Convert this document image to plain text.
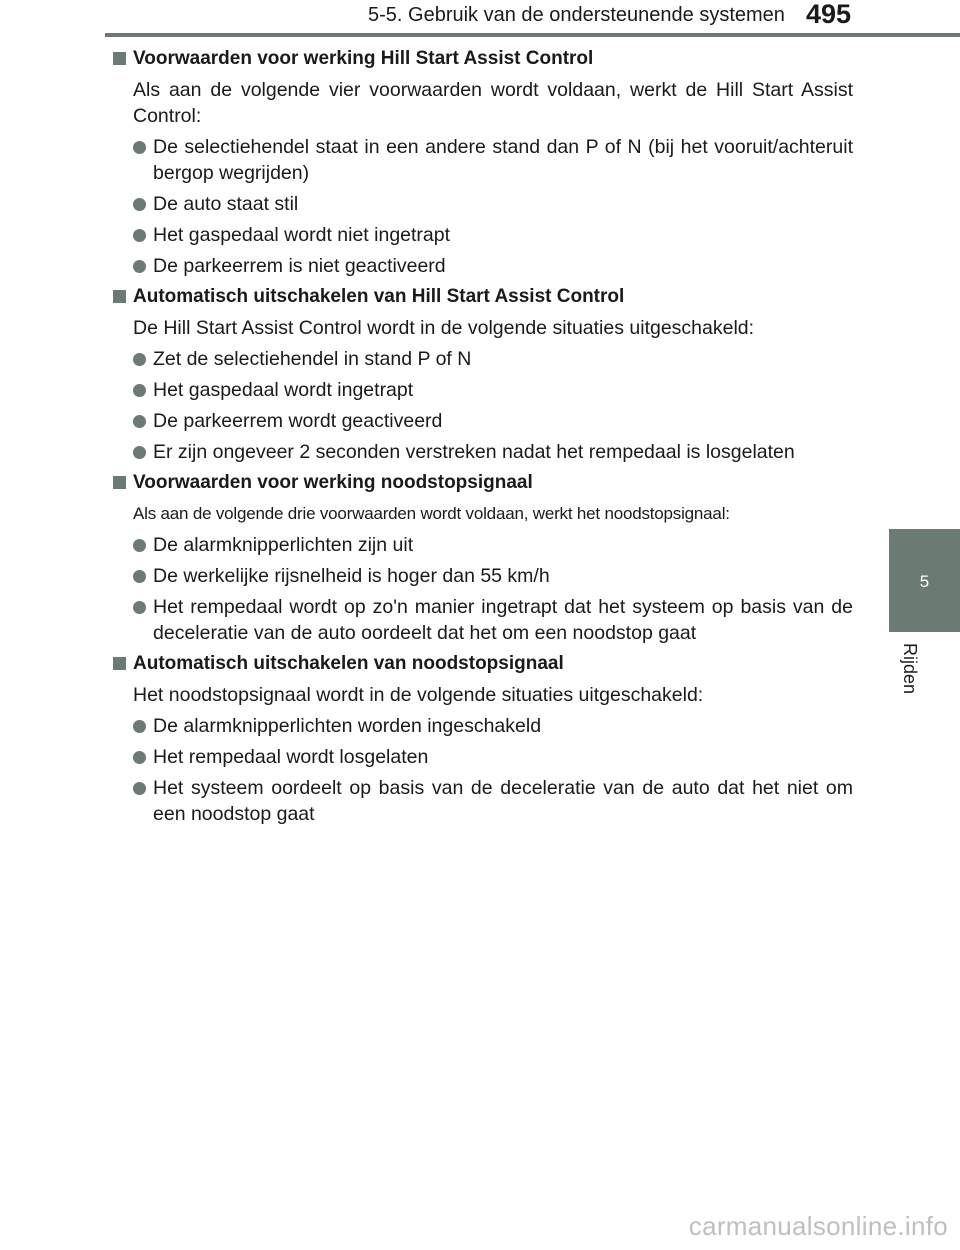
5-5. Gebruik van de ondersteunende systemen 495
5
Rijden
Voorwaarden voor werking Hill Start Assist Control
Als aan de volgende vier voorwaarden wordt voldaan, werkt de Hill Start Assist Control:
De selectiehendel staat in een andere stand dan P of N (bij het vooruit/achteruit bergop wegrijden)
De auto staat stil
Het gaspedaal wordt niet ingetrapt
De parkeerrem is niet geactiveerd
Automatisch uitschakelen van Hill Start Assist Control
De Hill Start Assist Control wordt in de volgende situaties uitgeschakeld:
Zet de selectiehendel in stand P of N
Het gaspedaal wordt ingetrapt
De parkeerrem wordt geactiveerd
Er zijn ongeveer 2 seconden verstreken nadat het rempedaal is losgelaten
Voorwaarden voor werking noodstopsignaal
Als aan de volgende drie voorwaarden wordt voldaan, werkt het noodstopsignaal:
De alarmknipperlichten zijn uit
De werkelijke rijsnelheid is hoger dan 55 km/h
Het rempedaal wordt op zo'n manier ingetrapt dat het systeem op basis van de deceleratie van de auto oordeelt dat het om een noodstop gaat
Automatisch uitschakelen van noodstopsignaal
Het noodstopsignaal wordt in de volgende situaties uitgeschakeld:
De alarmknipperlichten worden ingeschakeld
Het rempedaal wordt losgelaten
Het systeem oordeelt op basis van de deceleratie van de auto dat het niet om een noodstop gaat
carmanualsonline.info
